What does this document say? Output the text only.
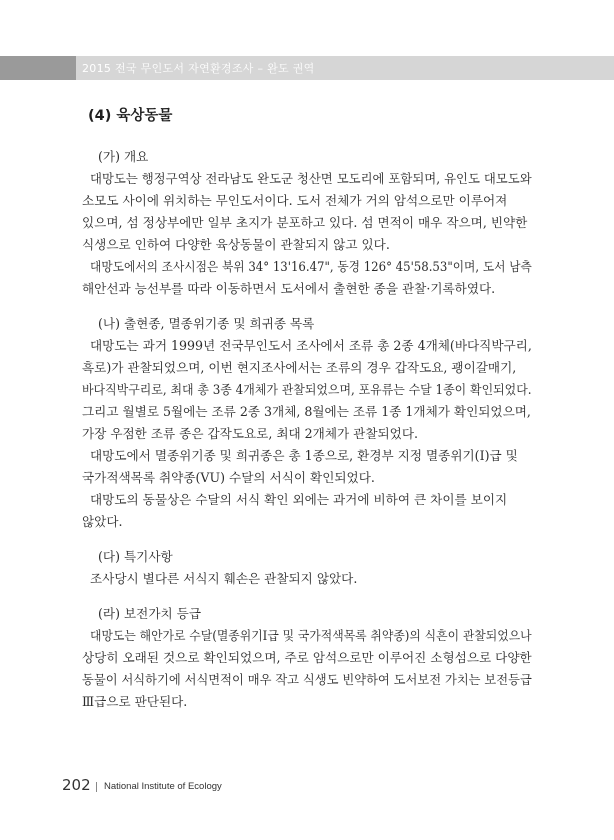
2015 전국 무인도서 자연환경조사 – 완도 권역
(4) 육상동물
(가) 개요
대망도는 행정구역상 전라남도 완도군 청산면 모도리에 포함되며, 유인도 대모도와
소모도 사이에 위치하는 무인도서이다. 도서 전체가 거의 암석으로만 이루어져
있으며, 섬 정상부에만 일부 초지가 분포하고 있다. 섬 면적이 매우 작으며, 빈약한
식생으로 인하여 다양한 육상동물이 관찰되지 않고 있다.
대망도에서의 조사시점은 북위 34° 13'16.47", 동경 126° 45'58.53"이며, 도서 남측
해안선과 능선부를 따라 이동하면서 도서에서 출현한 종을 관찰·기록하였다.
(나) 출현종, 멸종위기종 및 희귀종 목록
대망도는 과거 1999년 전국무인도서 조사에서 조류 총 2종 4개체(바다직박구리,
흑로)가 관찰되었으며, 이번 현지조사에서는 조류의 경우 갑작도요, 괭이갈매기,
바다직박구리로, 최대 총 3종 4개체가 관찰되었으며, 포유류는 수달 1종이 확인되었다.
그리고 월별로 5월에는 조류 2종 3개체, 8월에는 조류 1종 1개체가 확인되었으며,
가장 우점한 조류 종은 갑작도요로, 최대 2개체가 관찰되었다.
대망도에서 멸종위기종 및 희귀종은 총 1종으로, 환경부 지정 멸종위기(Ⅰ)급 및
국가적색목록 취약종(VU) 수달의 서식이 확인되었다.
대망도의 동물상은 수달의 서식 확인 외에는 과거에 비하여 큰 차이를 보이지
않았다.
(다) 특기사항
조사당시 별다른 서식지 훼손은 관찰되지 않았다.
(라) 보전가치 등급
대망도는 해안가로 수달(멸종위기Ⅰ급 및 국가적색목록 취약종)의 식흔이 관찰되었으나
상당히 오래된 것으로 확인되었으며, 주로 암석으로만 이루어진 소형섬으로 다양한
동물이 서식하기에 서식면적이 매우 작고 식생도 빈약하여 도서보전 가치는 보전등급
Ⅲ급으로 판단된다.
202 National Institute of Ecology
